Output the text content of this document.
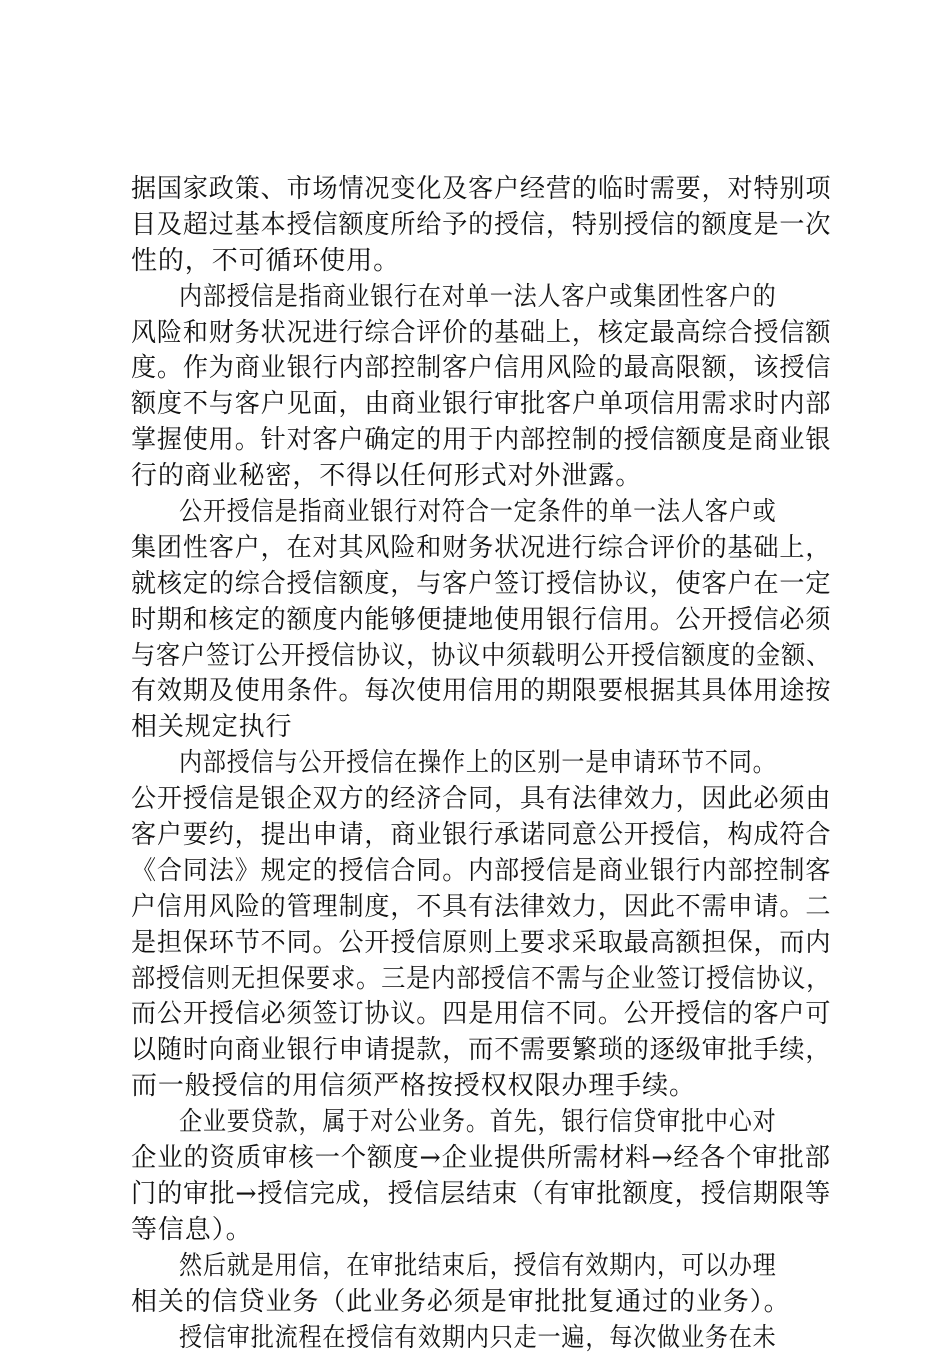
据国家政策、市场情况变化及客户经营的临时需要，对特别项
目及超过基本授信额度所给予的授信，特别授信的额度是一次
性的，不可循环使用。
内部授信是指商业银行在对单一法人客户或集团性客户的
风险和财务状况进行综合评价的基础上，核定最高综合授信额
度。作为商业银行内部控制客户信用风险的最高限额，该授信
额度不与客户见面，由商业银行审批客户单项信用需求时内部
掌握使用。针对客户确定的用于内部控制的授信额度是商业银
行的商业秘密，不得以任何形式对外泄露。
公开授信是指商业银行对符合一定条件的单一法人客户或
集团性客户，在对其风险和财务状况进行综合评价的基础上，
就核定的综合授信额度，与客户签订授信协议，使客户在一定
时期和核定的额度内能够便捷地使用银行信用。公开授信必须
与客户签订公开授信协议，协议中须载明公开授信额度的金额、
有效期及使用条件。每次使用信用的期限要根据其具体用途按
相关规定执行
内部授信与公开授信在操作上的区别一是申请环节不同。
公开授信是银企双方的经济合同，具有法律效力，因此必须由
客户要约，提出申请，商业银行承诺同意公开授信，构成符合
《合同法》规定的授信合同。内部授信是商业银行内部控制客
户信用风险的管理制度，不具有法律效力，因此不需申请。二
是担保环节不同。公开授信原则上要求采取最高额担保，而内
部授信则无担保要求。三是内部授信不需与企业签订授信协议，
而公开授信必须签订协议。四是用信不同。公开授信的客户可
以随时向商业银行申请提款，而不需要繁琐的逐级审批手续，
而一般授信的用信须严格按授权权限办理手续。
企业要贷款，属于对公业务。首先，银行信贷审批中心对
企业的资质审核一个额度→企业提供所需材料→经各个审批部
门的审批→授信完成，授信层结束（有审批额度，授信期限等
等信息）。
然后就是用信，在审批结束后，授信有效期内，可以办理
相关的信贷业务（此业务必须是审批批复通过的业务）。
授信审批流程在授信有效期内只走一遍，每次做业务在未
